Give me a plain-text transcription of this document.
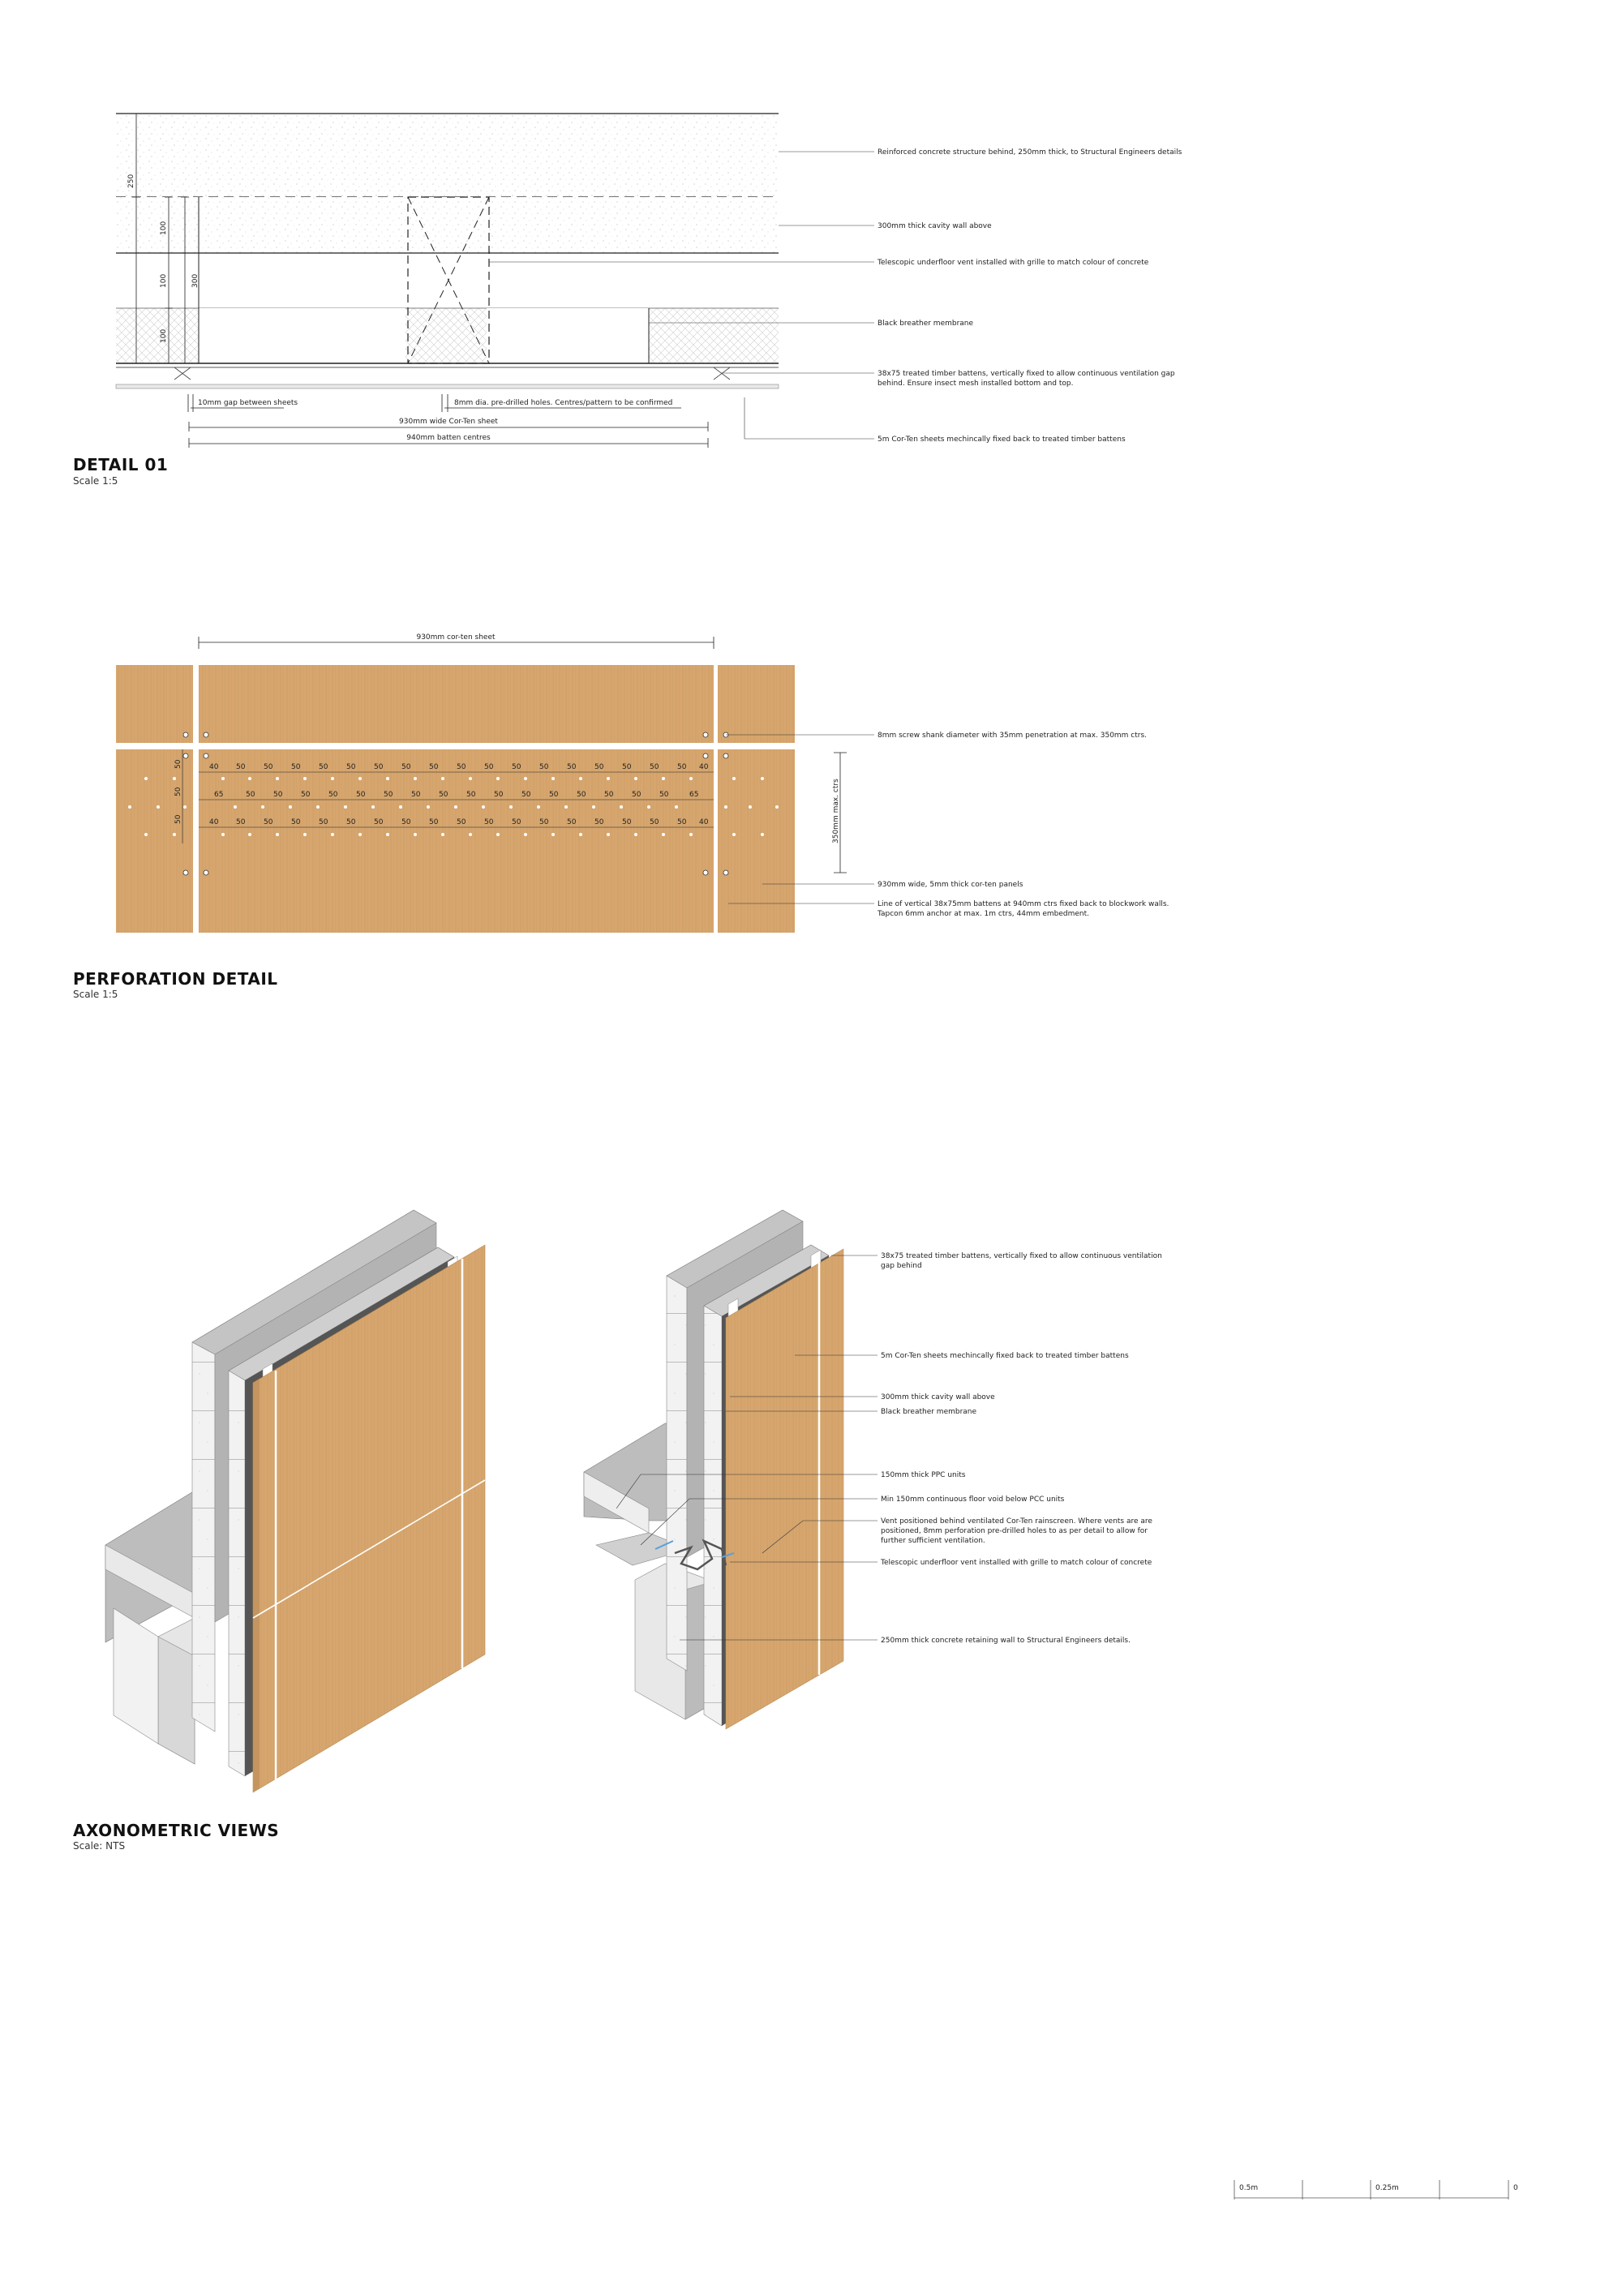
250
100
100	300
100
10mm gap between sheets	8mm dia. pre-drilled holes. Centres/pattern to be confirmed
930mm wide Cor-Ten sheet
940mm batten centres
Reinforced concrete structure behind, 250mm thick, to Structural Engineers details
300mm thick cavity wall above
Telescopic underfloor vent installed with grille to match colour of concrete
Black breather membrane
38x75 treated timber battens, vertically fixed to allow continuous ventilation gap
behind. Ensure insect mesh installed bottom and top.
5m Cor-Ten sheets mechincally fixed back to treated timber battens
930mm cor-ten sheet
50
50
50
40 50	50	50	50	50	50	50	50	50	50	50	50	50	50	50	50	50 40
65	50	50	50	50	50	50	50	50	50	50	50	50	50	50	50	50	65
40 50	50	50	50	50	50	50	50	50	50	50	50	50	50	50	50	50 40	350mm max. ctrs
8mm screw shank diameter with 35mm penetration at max. 350mm ctrs.
930mm wide, 5mm thick cor-ten panels
Line of vertical 38x75mm battens at 940mm ctrs fixed back to blockwork walls.
Tapcon 6mm anchor at max. 1m ctrs, 44mm embedment.
38x75 treated timber battens, vertically fixed to allow continuous ventilation
gap behind
5m Cor-Ten sheets mechincally fixed back to treated timber battens
300mm thick cavity wall above
Black breather membrane
150mm thick PPC units
Min 150mm continuous floor void below PCC units
Vent positioned behind ventilated Cor-Ten rainscreen. Where vents are are
positioned, 8mm perforation pre-drilled holes to as per detail to allow for
further sufficient ventilation.
Telescopic underfloor vent installed with grille to match colour of concrete
250mm thick concrete retaining wall to Structural Engineers details.
0.5m	0.25m	0
DETAIL 01
Scale 1:5
PERFORATION DETAIL
Scale 1:5
AXONOMETRIC VIEWS
Scale: NTS
